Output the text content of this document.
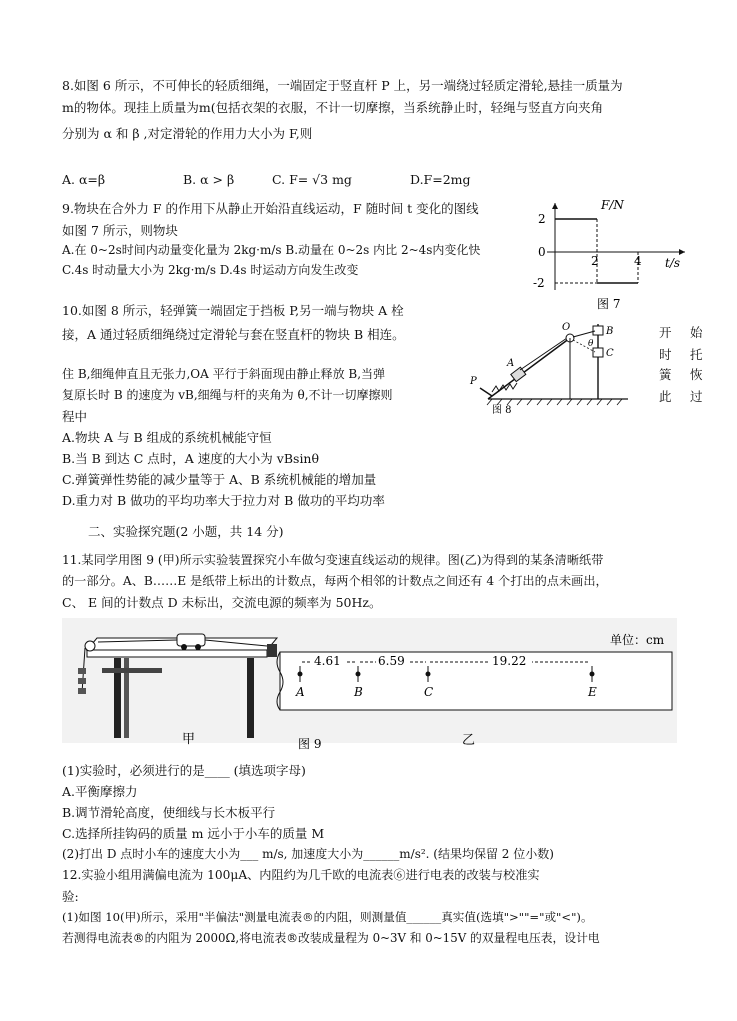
8.如图 6 所示，不可伸长的轻质细绳，一端固定于竖直杆 P 上，另一端绕过轻质定滑轮,悬挂一质量为
m的物体。现挂上质量为m(包括衣架的衣服，不计一切摩擦，当系统静止时，轻绳与竖直方向夹角
分别为 α 和 β ,对定滑轮的作用力大小为 F,则
A. α=β	B. α > β	C. F= √3 mg	D.F=2mg
9.物块在合外力 F 的作用下从静止开始沿直线运动，F 随时间 t 变化的图线
如图 7 所示，则物块
A.在 0~2s时间内动量变化量为 2kg·m/s B.动量在 0~2s 内比 2~4s内变化快
C.4s 时动量大小为 2kg·m/s D.4s 时运动方向发生改变
F/N
2
0
-2
2	4 t/s
图 7
10.如图 8 所示，轻弹簧一端固定于挡板 P,另一端与物块 A 栓
接，A 通过轻质细绳绕过定滑轮与套在竖直杆的物块 B 相连。	O
A
B
C
P
θ
图 8
开 始
时 托
簧 恢
此 过
住 B,细绳伸直且无张力,OA 平行于斜面现由静止释放 B,当弹
复原长时 B 的速度为 vB,细绳与杆的夹角为 θ,不计一切摩擦则
程中
A.物块 A 与 B 组成的系统机械能守恒
B.当 B 到达 C 点时，A 速度的大小为 vBsinθ
C.弹簧弹性势能的减少量等于 A、B 系统机械能的增加量
D.重力对 B 做功的平均功率大于拉力对 B 做功的平均功率
二、实验探究题(2 小题，共 14 分)
11.某同学用图 9 (甲)所示实验装置探究小车做匀变速直线运动的规律。图(乙)为得到的某条清晰纸带
的一部分。A、B……E 是纸带上标出的计数点，每两个相邻的计数点之间还有 4 个打出的点未画出，
C、 E 间的计数点 D 未标出，交流电源的频率为 50Hz。
甲
单位：cm
4.61	6.59	19.22
A	B	C	E
乙
图 9
(1)实验时，必须进行的是____ (填选项字母)
A.平衡摩擦力
B.调节滑轮高度，使细线与长木板平行
C.选择所挂钩码的质量 m 远小于小车的质量 M
(2)打出 D 点时小车的速度大小为___ m/s, 加速度大小为______m/s². (结果均保留 2 位小数)
12.实验小组用满偏电流为 100μA、内阻约为几千欧的电流表⑥进行电表的改装与校准实
验:
(1)如图 10(甲)所示，采用"半偏法"测量电流表®的内阻，则测量值______真实值(选填">""="或"<")。
若测得电流表®的内阻为 2000Ω,将电流表®改装成量程为 0~3V 和 0~15V 的双量程电压表，设计电
